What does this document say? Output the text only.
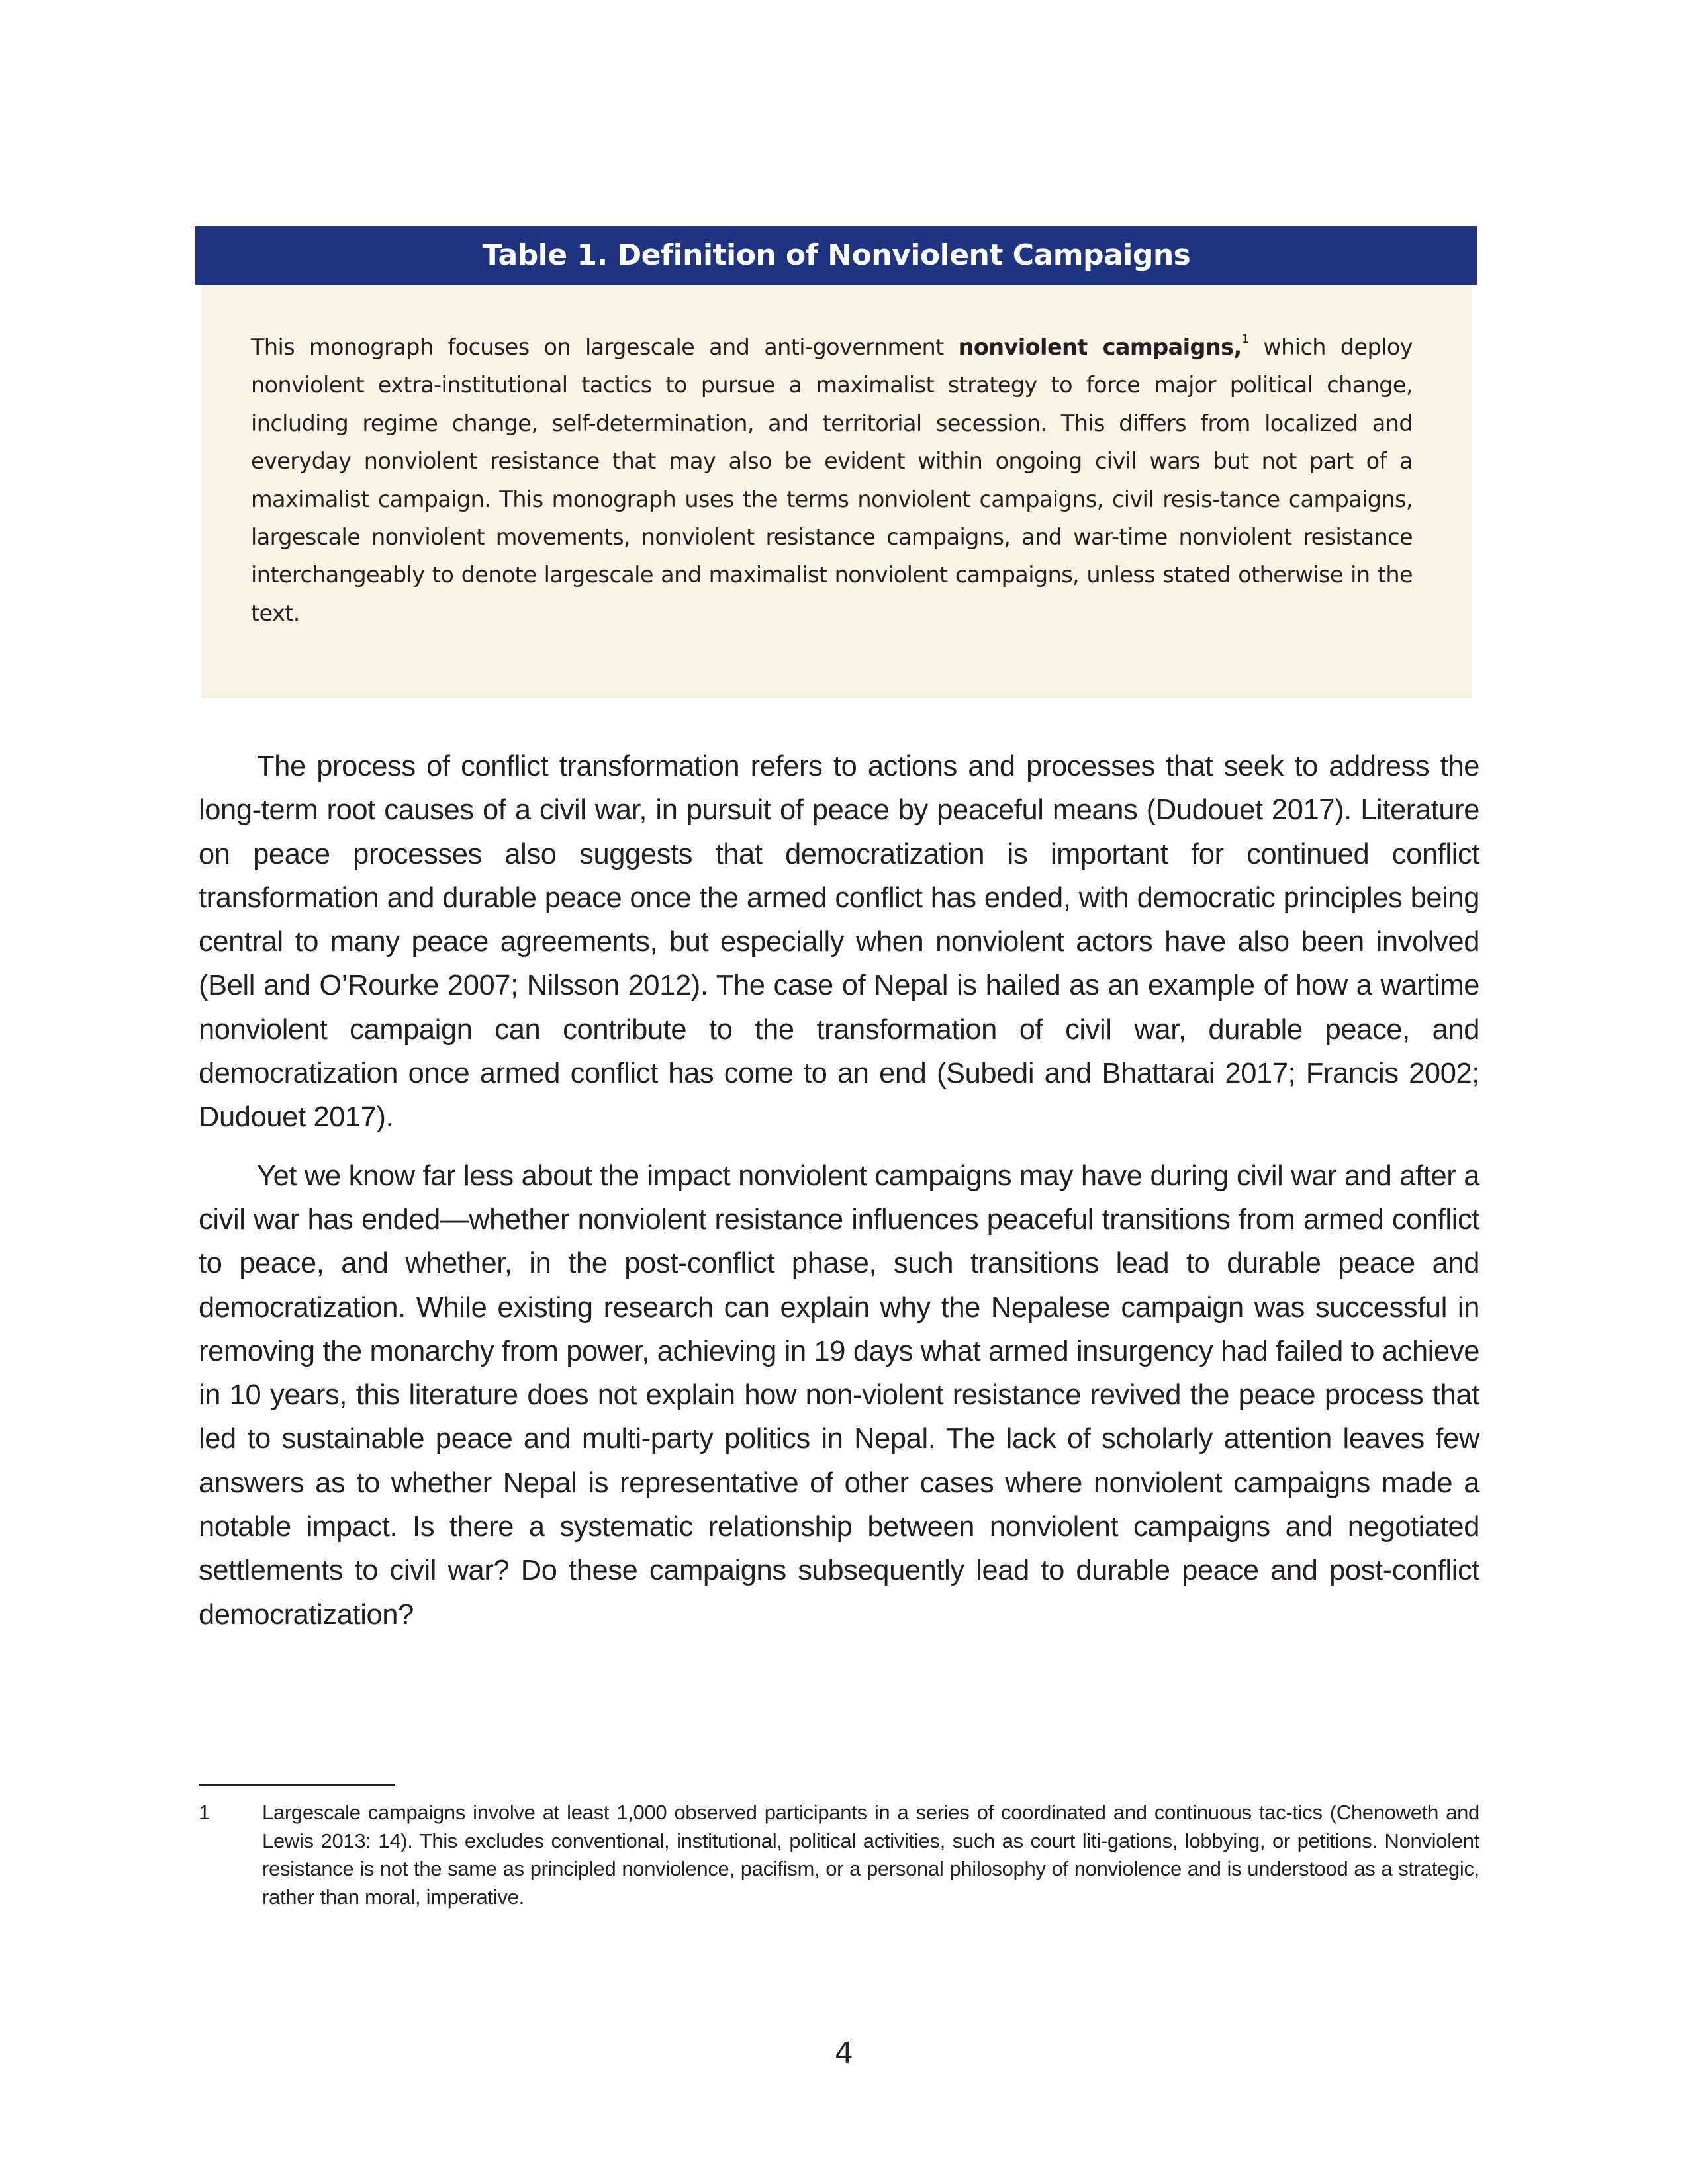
Table 1. Definition of Nonviolent Campaigns

This monograph focuses on largescale and anti-government nonviolent campaigns,$^1$ which deploy nonviolent extra-institutional tactics to pursue a maximalist strategy to force major political change, including regime change, self-determination, and territorial secession. This differs from localized and everyday nonviolent resistance that may also be evident within ongoing civil wars but not part of a maximalist campaign. This monograph uses the terms nonviolent campaigns, civil resis-tance campaigns, largescale nonviolent movements, nonviolent resistance campaigns, and war-time nonviolent resistance interchangeably to denote largescale and maximalist nonviolent campaigns, unless stated otherwise in the text.

The process of conflict transformation refers to actions and processes that seek to address the long-term root causes of a civil war, in pursuit of peace by peaceful means (Dudouet 2017). Literature on peace processes also suggests that democratization is important for continued conflict transformation and durable peace once the armed conflict has ended, with democratic principles being central to many peace agreements, but especially when nonviolent actors have also been involved (Bell and O’Rourke 2007; Nilsson 2012). The case of Nepal is hailed as an example of how a wartime nonviolent campaign can contribute to the transformation of civil war, durable peace, and democratization once armed conflict has come to an end (Subedi and Bhattarai 2017; Francis 2002; Dudouet 2017).

Yet we know far less about the impact nonviolent campaigns may have during civil war and after a civil war has ended—whether nonviolent resistance influences peaceful transitions from armed conflict to peace, and whether, in the post-conflict phase, such transitions lead to durable peace and democratization. While existing research can explain why the Nepalese campaign was successful in removing the monarchy from power, achieving in 19 days what armed insurgency had failed to achieve in 10 years, this literature does not explain how non-violent resistance revived the peace process that led to sustainable peace and multi-party politics in Nepal. The lack of scholarly attention leaves few answers as to whether Nepal is representative of other cases where nonviolent campaigns made a notable impact. Is there a systematic relationship between nonviolent campaigns and negotiated settlements to civil war? Do these campaigns subsequently lead to durable peace and post-conflict democratization?

1	Largescale campaigns involve at least 1,000 observed participants in a series of coordinated and continuous tac-tics (Chenoweth and Lewis 2013: 14). This excludes conventional, institutional, political activities, such as court liti-gations, lobbying, or petitions. Nonviolent resistance is not the same as principled nonviolence, pacifism, or a personal philosophy of nonviolence and is understood as a strategic, rather than moral, imperative.

4
